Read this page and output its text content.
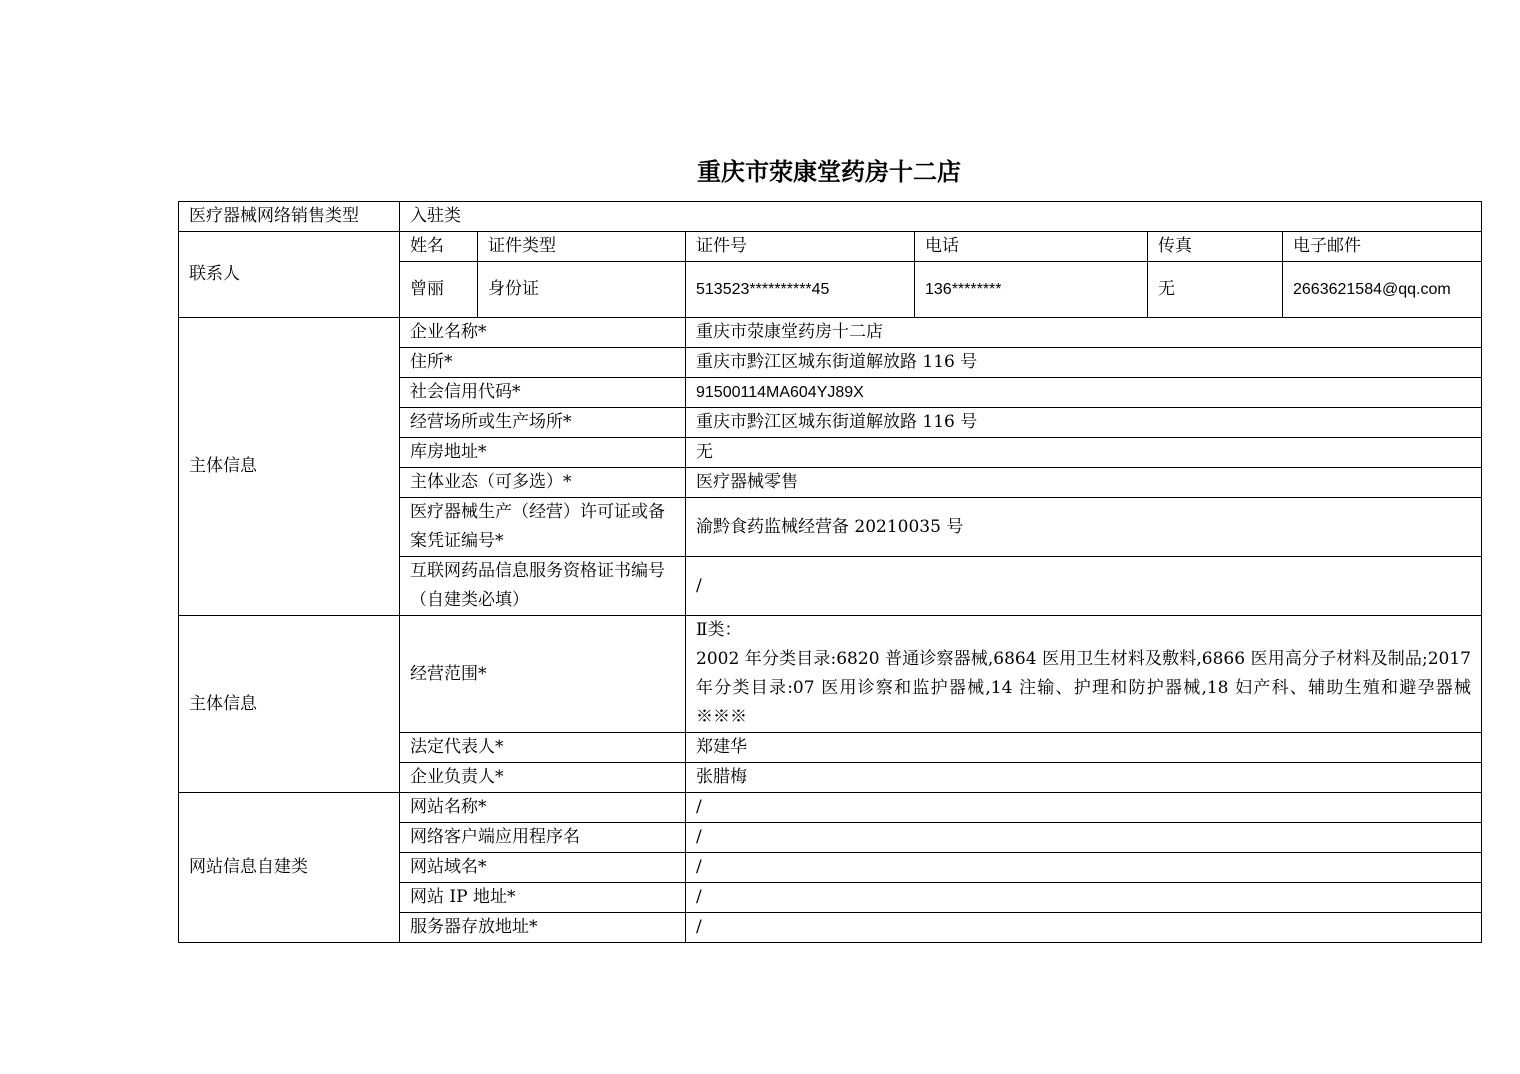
重庆市荥康堂药房十二店
医疗器械网络销售类型	入驻类					
联系人	姓名	证件类型	证件号	电话	传真	电子邮件
	曾丽	身份证	513523**********45	136********	无	2663621584@qq.com
主体信息	企业名称*		重庆市荥康堂药房十二店			
	住所*		重庆市黔江区城东街道解放路 116 号			
	社会信用代码*		91500114MA604YJ89X			
	经营场所或生产场所*		重庆市黔江区城东街道解放路 116 号			
	库房地址*		无			
	主体业态（可多选）*		医疗器械零售			
	医疗器械生产（经营）许可证或备案凭证编号*		渝黔食药监械经营备 20210035 号			
	互联网药品信息服务资格证书编号（自建类必填）		/			
主体信息	经营范围*		Ⅱ类：
2002 年分类目录:6820 普通诊察器械,6864 医用卫生材料及敷料,6866 医用高分子材料及制品;2017 年分类目录:07 医用诊察和监护器械,14 注输、护理和防护器械,18 妇产科、辅助生殖和避孕器械※※※			

	法定代表人*		郑建华			
	企业负责人*		张腊梅			
网站信息自建类	网站名称*		/			
	网络客户端应用程序名		/			
	网站域名*		/			
	网站 IP 地址*		/			
	服务器存放地址*		/			
